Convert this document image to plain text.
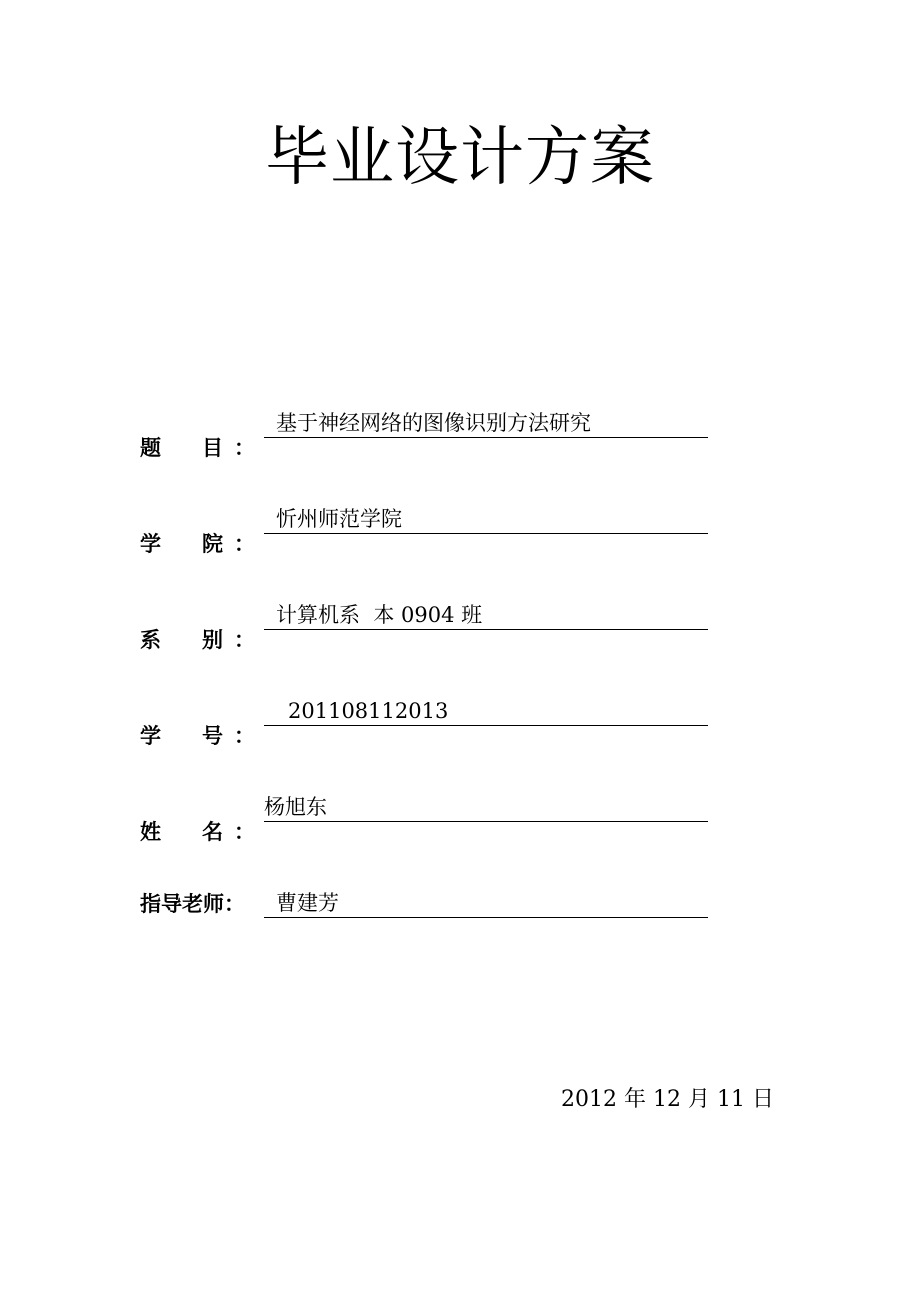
毕业设计方案
题 目 ：
基于神经网络的图像识别方法研究
学 院 ：
忻州师范学院
系 别 ：
计算机系  本 0904 班
学 号 ：
201108112013
姓 名 ：
杨旭东
指导老师：	曹建芳
2012 年 12 月 11 日
